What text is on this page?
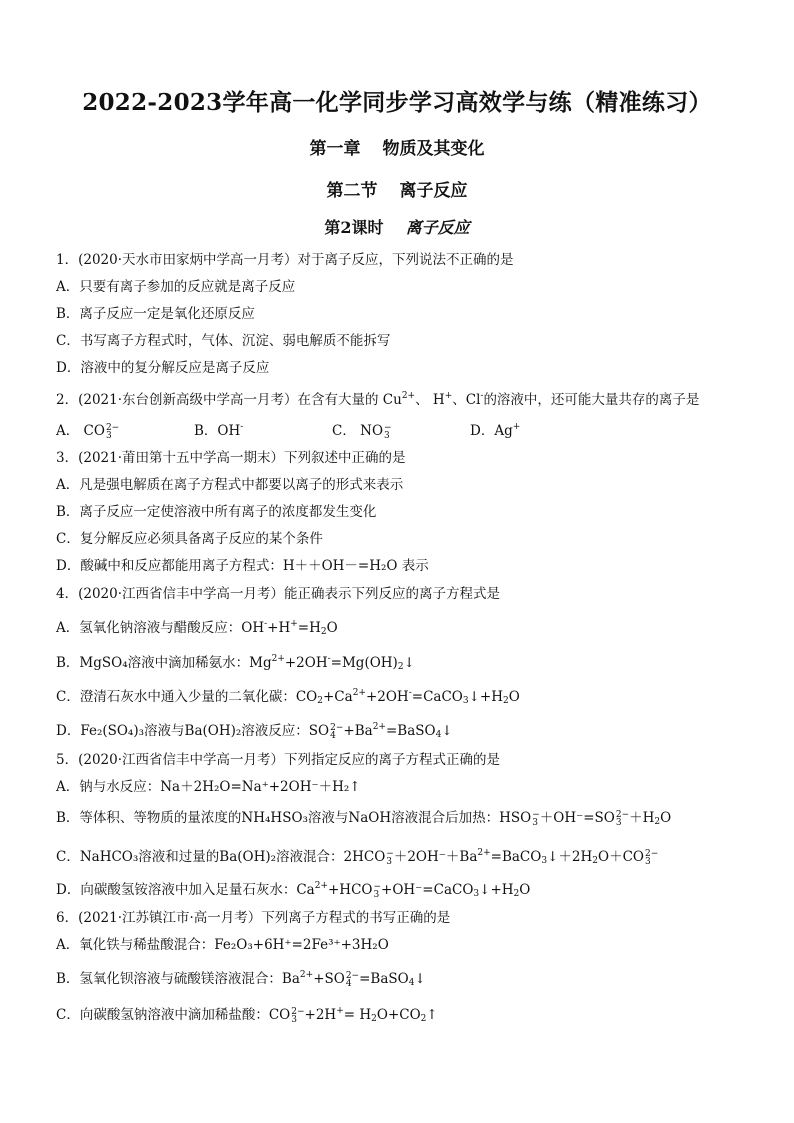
2022-2023学年高一化学同步学习高效学与练（精准练习）
第一章 物质及其变化
第二节 离子反应
第2课时 离子反应
1．(2020·天水市田家炳中学高一月考）对于离子反应，下列说法不正确的是
A．只要有离子参加的反应就是离子反应
B．离子反应一定是氧化还原反应
C．书写离子方程式时，气体、沉淀、弱电解质不能拆写
D．溶液中的复分解反应是离子反应
2．(2021·东台创新高级中学高一月考）在含有大量的 $Cu^{2+}$、 H+、Cl-的溶液中，还可能大量共存的离子是
A． CO 2−
3	B．OH-	C． NO −
3	D．Ag+
3．(2021·莆田第十五中学高一期末）下列叙述中正确的是
A．凡是强电解质在离子方程式中都要以离子的形式来表示
B．离子反应一定使溶液中所有离子的浓度都发生变化
C．复分解反应必须具备离子反应的某个条件
D．酸碱中和反应都能用离子方程式：H＋＋OH－=H₂O 表示
4．(2020·江西省信丰中学高一月考）能正确表示下列反应的离子方程式是
A．氢氧化钠溶液与醋酸反应：$OH^-+H^+=H_2O$
B．MgSO₄溶液中滴加稀氨水：$Mg^{2+}+2OH^-=Mg(OH)_2↓$
C．澄清石灰水中通入少量的二氧化碳：$CO_2+Ca^{2+}+2OH^-=CaCO_3↓+H_2O$
D．Fe₂(SO₄)₃溶液与Ba(OH)₂溶液反应：SO 2−
$4 +Ba^{2+}=BaSO_4↓$
5．(2020·江西省信丰中学高一月考）下列指定反应的离子方程式正确的是
A．钠与水反应：Na＋2H₂O=Na⁺+2OH⁻＋H₂↑
B．等体积、等物质的量浓度的NH₄HSO₃溶液与NaOH溶液混合后加热：HSO −
3 ＋OH⁻=SO 2−
$3 +H_2O$
C．NaHCO₃溶液和过量的Ba(OH)₂溶液混合：2HCO −
$3 +2OH^-+Ba^{2+}=BaCO_3↓+2H_2O+CO$ 2−
3
D．向碳酸氢铵溶液中加入足量石灰水：$Ca^{2+}+HCO$ −
$3 +OH^-=CaCO_3↓+H_2O$
6．(2021·江苏镇江市·高一月考）下列离子方程式的书写正确的是
A．氧化铁与稀盐酸混合：Fe₂O₃+6H⁺=2Fe³⁺+3H₂O
B．氢氧化钡溶液与硫酸镁溶液混合：$Ba^{2+}+SO$ 2−
4 =BaSO$_4$↓
C．向碳酸氢钠溶液中滴加稀盐酸：CO 2−
$3 +2H^+= H_2O+CO_2↑$
